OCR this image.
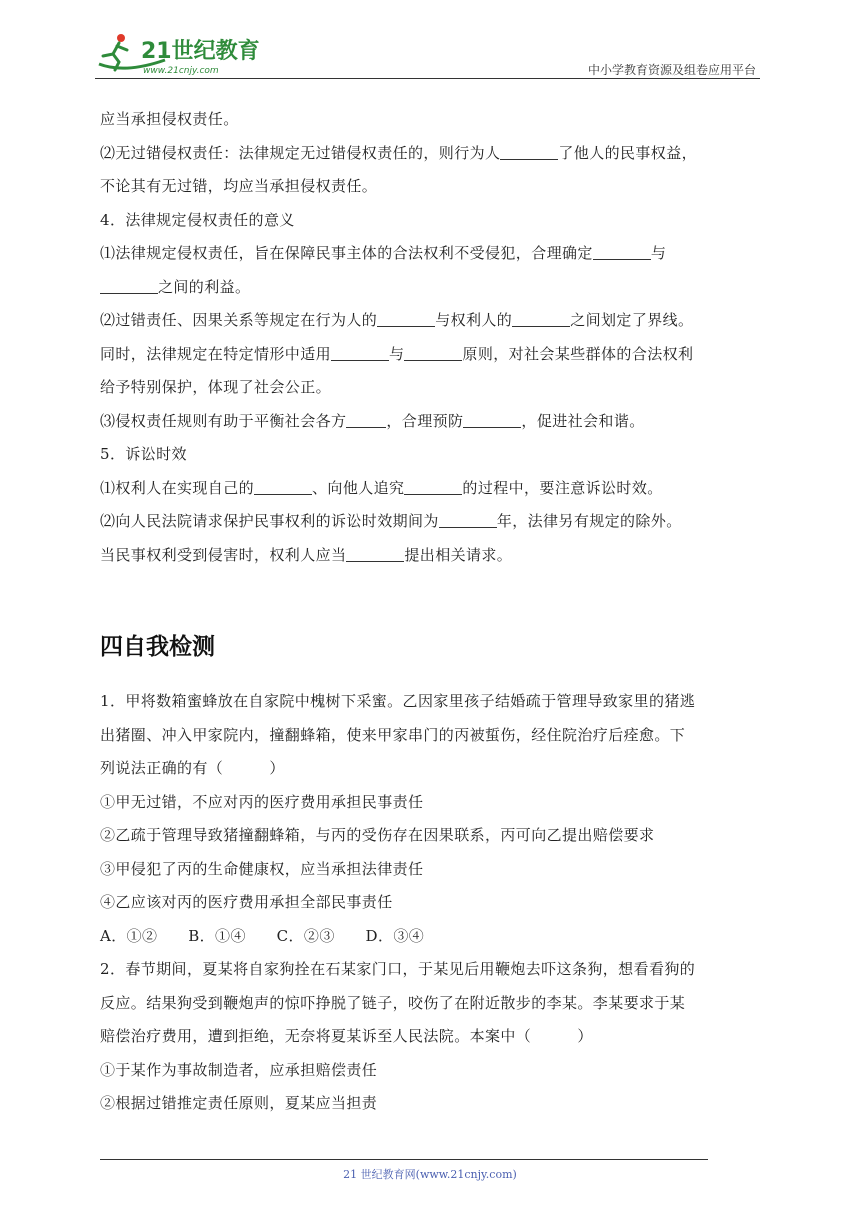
21世纪教育
www.21cnjy.com	中小学教育资源及组卷应用平台

应当承担侵权责任。

⑵无过错侵权责任：法律规定无过错侵权责任的，则行为人	了他人的民事权益，

不论其有无过错，均应当承担侵权责任。

4．法律规定侵权责任的意义

⑴法律规定侵权责任，旨在保障民事主体的合法权利不受侵犯，合理确定	与

之间的利益。

⑵过错责任、因果关系等规定在行为人的	与权利人的	之间划定了界线。

同时，法律规定在特定情形中适用	与	原则，对社会某些群体的合法权利

给予特别保护，体现了社会公正。

⑶侵权责任规则有助于平衡社会各方	，合理预防	，促进社会和谐。

5．诉讼时效

⑴权利人在实现自己的	、向他人追究	的过程中，要注意诉讼时效。

⑵向人民法院请求保护民事权利的诉讼时效期间为	年，法律另有规定的除外。

当民事权利受到侵害时，权利人应当	提出相关请求。

四自我检测

1．甲将数箱蜜蜂放在自家院中槐树下采蜜。乙因家里孩子结婚疏于管理导致家里的猪逃

出猪圈、冲入甲家院内，撞翻蜂箱，使来甲家串门的丙被蜇伤，经住院治疗后痊愈。下

列说法正确的有（　　　）

①甲无过错，不应对丙的医疗费用承担民事责任

②乙疏于管理导致猪撞翻蜂箱，与丙的受伤存在因果联系，丙可向乙提出赔偿要求

③甲侵犯了丙的生命健康权，应当承担法律责任

④乙应该对丙的医疗费用承担全部民事责任

A．①②　　B．①④　　C．②③　　D．③④

2．春节期间，夏某将自家狗拴在石某家门口，于某见后用鞭炮去吓这条狗，想看看狗的

反应。结果狗受到鞭炮声的惊吓挣脱了链子，咬伤了在附近散步的李某。李某要求于某

赔偿治疗费用，遭到拒绝，无奈将夏某诉至人民法院。本案中（　　　）

①于某作为事故制造者，应承担赔偿责任

②根据过错推定责任原则，夏某应当担责

21 世纪教育网(www.21cnjy.com)
